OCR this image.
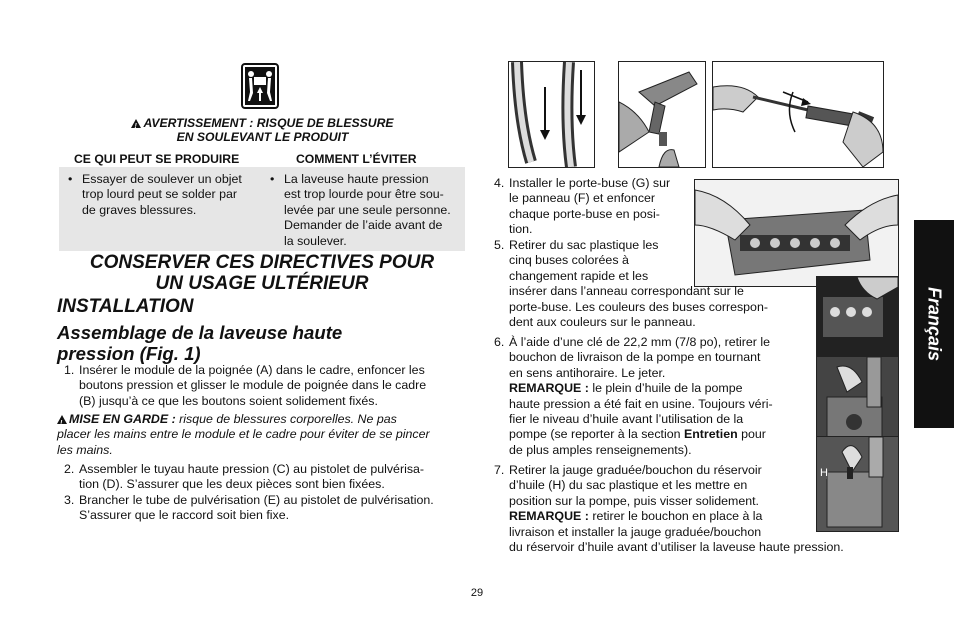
!AVERTISSEMENT : RISQUE DE BLESSURE
EN SOULEVANT LE PRODUIT
CE QUI PEUT SE PRODUIRE	COMMENT L’ÉVITER
• Essayer de soulever un objet
trop lourd peut se solder par
de graves blessures.
• La laveuse haute pression
est trop lourde pour être sou-
levée par une seule personne.
Demander de l’aide avant de
la soulever.
CONSERVER CES DIRECTIVES POUR
UN USAGE ULTÉRIEUR
INSTALLATION
Assemblage de la laveuse haute
pression (Fig. 1)
1. Insérer le module de la poignée (A) dans le cadre, enfoncer les
boutons pression et glisser le module de poignée dans le cadre
(B) jusqu’à ce que les boutons soient solidement fixés.
!MISE EN GARDE : risque de blessures corporelles. Ne pas
placer les mains entre le module et le cadre pour éviter de se pincer
les mains.
2. Assembler le tuyau haute pression (C) au pistolet de pulvérisa-
tion (D). S’assurer que les deux pièces sont bien fixées.
3. Brancher le tube de pulvérisation (E) au pistolet de pulvérisation.
S’assurer que le raccord soit bien fixe.
H
4. Installer le porte-buse (G) sur
le panneau (F) et enfoncer
chaque porte-buse en posi-
tion.
5. Retirer du sac plastique les
cinq buses colorées à
changement rapide et les
insérer dans l’anneau correspondant sur le
porte-buse. Les couleurs des buses correspon-
dent aux couleurs sur le panneau.
6. À l’aide d’une clé de 22,2 mm (7/8 po), retirer le
bouchon de livraison de la pompe en tournant
en sens antihoraire. Le jeter.
REMARQUE : le plein d’huile de la pompe
haute pression a été fait en usine. Toujours véri-
fier le niveau d’huile avant l’utilisation de la
pompe (se reporter à la section Entretien pour
de plus amples renseignements).
7. Retirer la jauge graduée/bouchon du réservoir
d’huile (H) du sac plastique et les mettre en
position sur la pompe, puis visser solidement.
REMARQUE : retirer le bouchon en place à la
livraison et installer la jauge graduée/bouchon
du réservoir d’huile avant d’utiliser la laveuse haute pression.
Français
29
